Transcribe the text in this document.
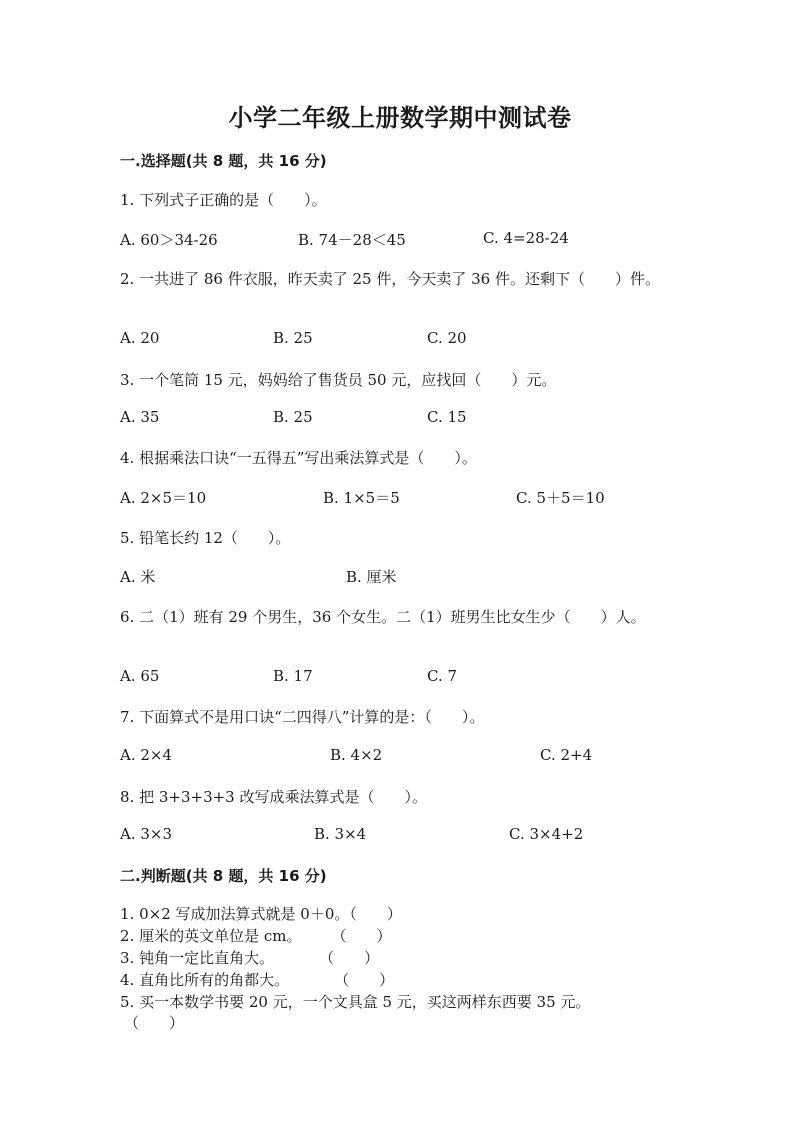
小学二年级上册数学期中测试卷
一.选择题(共 8 题，共 16 分)
1. 下列式子正确的是（　　）。
A. 60＞34-26	B. 74－28＜45	C. 4=28-24
2. 一共进了 86 件衣服，昨天卖了 25 件，今天卖了 36 件。还剩下（　　）件。
A. 20	B. 25	C. 20
3. 一个笔筒 15 元，妈妈给了售货员 50 元，应找回（　　）元。
A. 35	B. 25	C. 15
4. 根据乘法口诀“一五得五”写出乘法算式是（　　）。
A. 2×5＝10	B. 1×5＝5	C. 5＋5＝10
5. 铅笔长约 12（　　）。
A. 米	B. 厘米
6. 二（1）班有 29 个男生，36 个女生。二（1）班男生比女生少（　　）人。
A. 65	B. 17	C. 7
7. 下面算式不是用口诀“二四得八”计算的是：（　　）。
A. 2×4	B. 4×2	C. 2+4
8. 把 3+3+3+3 改写成乘法算式是（　　）。
A. 3×3	B. 3×4	C. 3×4+2
二.判断题(共 8 题，共 16 分)
1. 0×2 写成加法算式就是 0＋0。（　　）
2. 厘米的英文单位是 cm。　　　（　　）
3. 钝角一定比直角大。　　　　（　　）
4. 直角比所有的角都大。　　　　（　　）
5. 买一本数学书要 20 元，一个文具盒 5 元，买这两样东西要 35 元。
（　　）
